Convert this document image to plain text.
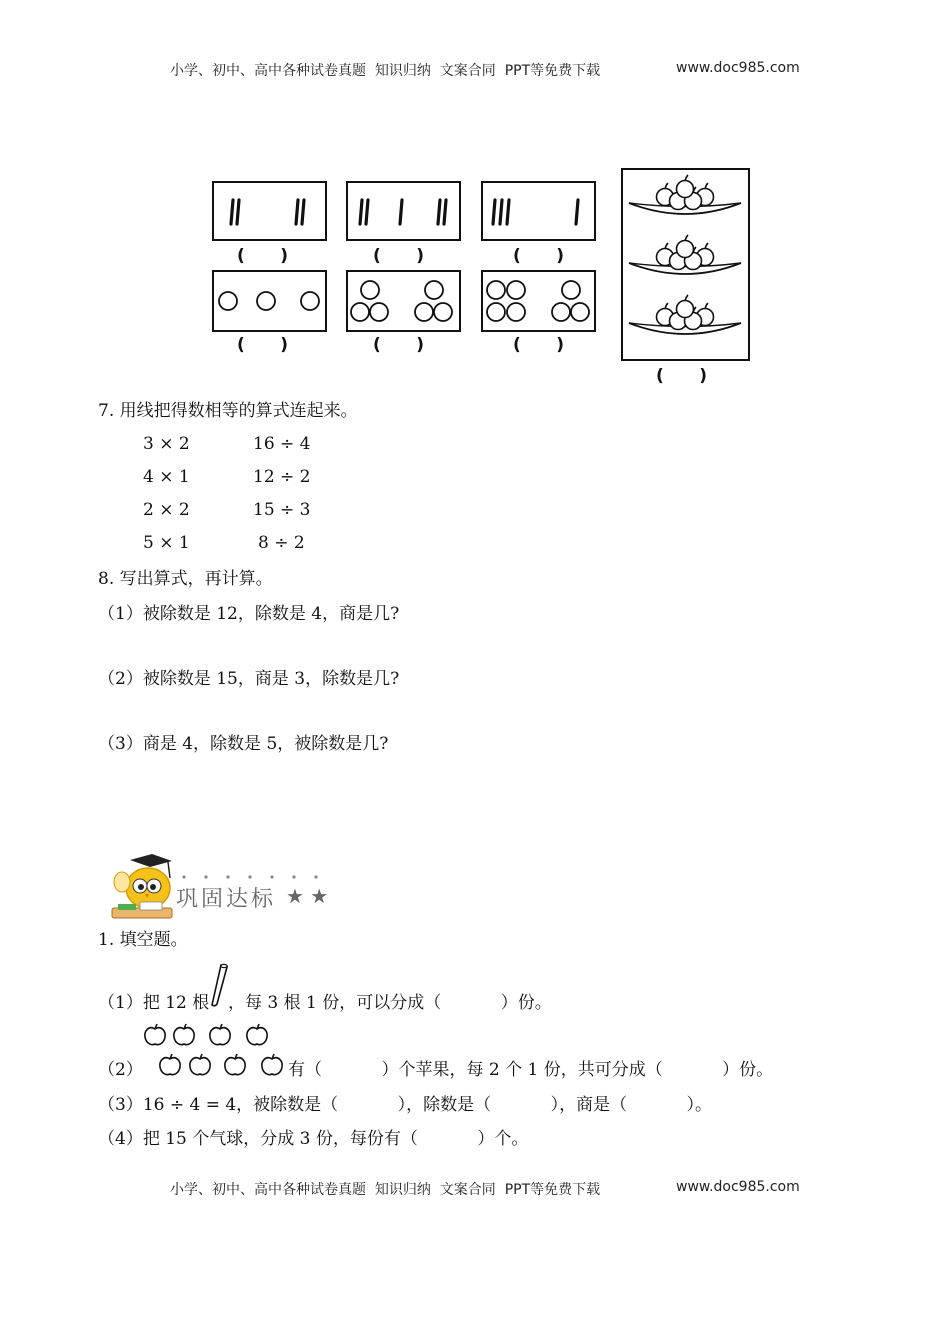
小学、初中、高中各种试卷真题  知识归纳  文案合同  PPT等免费下载	www.doc985.com
(      )	(      )	(      )
(      )	(      )	(      )
(      )
7. 用线把得数相等的算式连起来。
3 × 2
4 × 1
2 × 2
5 × 1
16 ÷ 4
12 ÷ 2
15 ÷ 3
8 ÷ 2
8. 写出算式，再计算。
（1）被除数是 12，除数是 4，商是几?
（2）被除数是 15，商是 3，除数是几?
（3）商是 4，除数是 5，被除数是几?
巩固达标 ★ ★
1. 填空题。
（1）把 12 根 ，每 3 根 1 份，可以分成（           ）份。
（2）	有（           ）个苹果，每 2 个 1 份，共可分成（           ）份。
（3）16 ÷ 4 = 4，被除数是（           ），除数是（           ），商是（           ）。
（4）把 15 个气球，分成 3 份，每份有（           ）个。
小学、初中、高中各种试卷真题  知识归纳  文案合同  PPT等免费下载	www.doc985.com
